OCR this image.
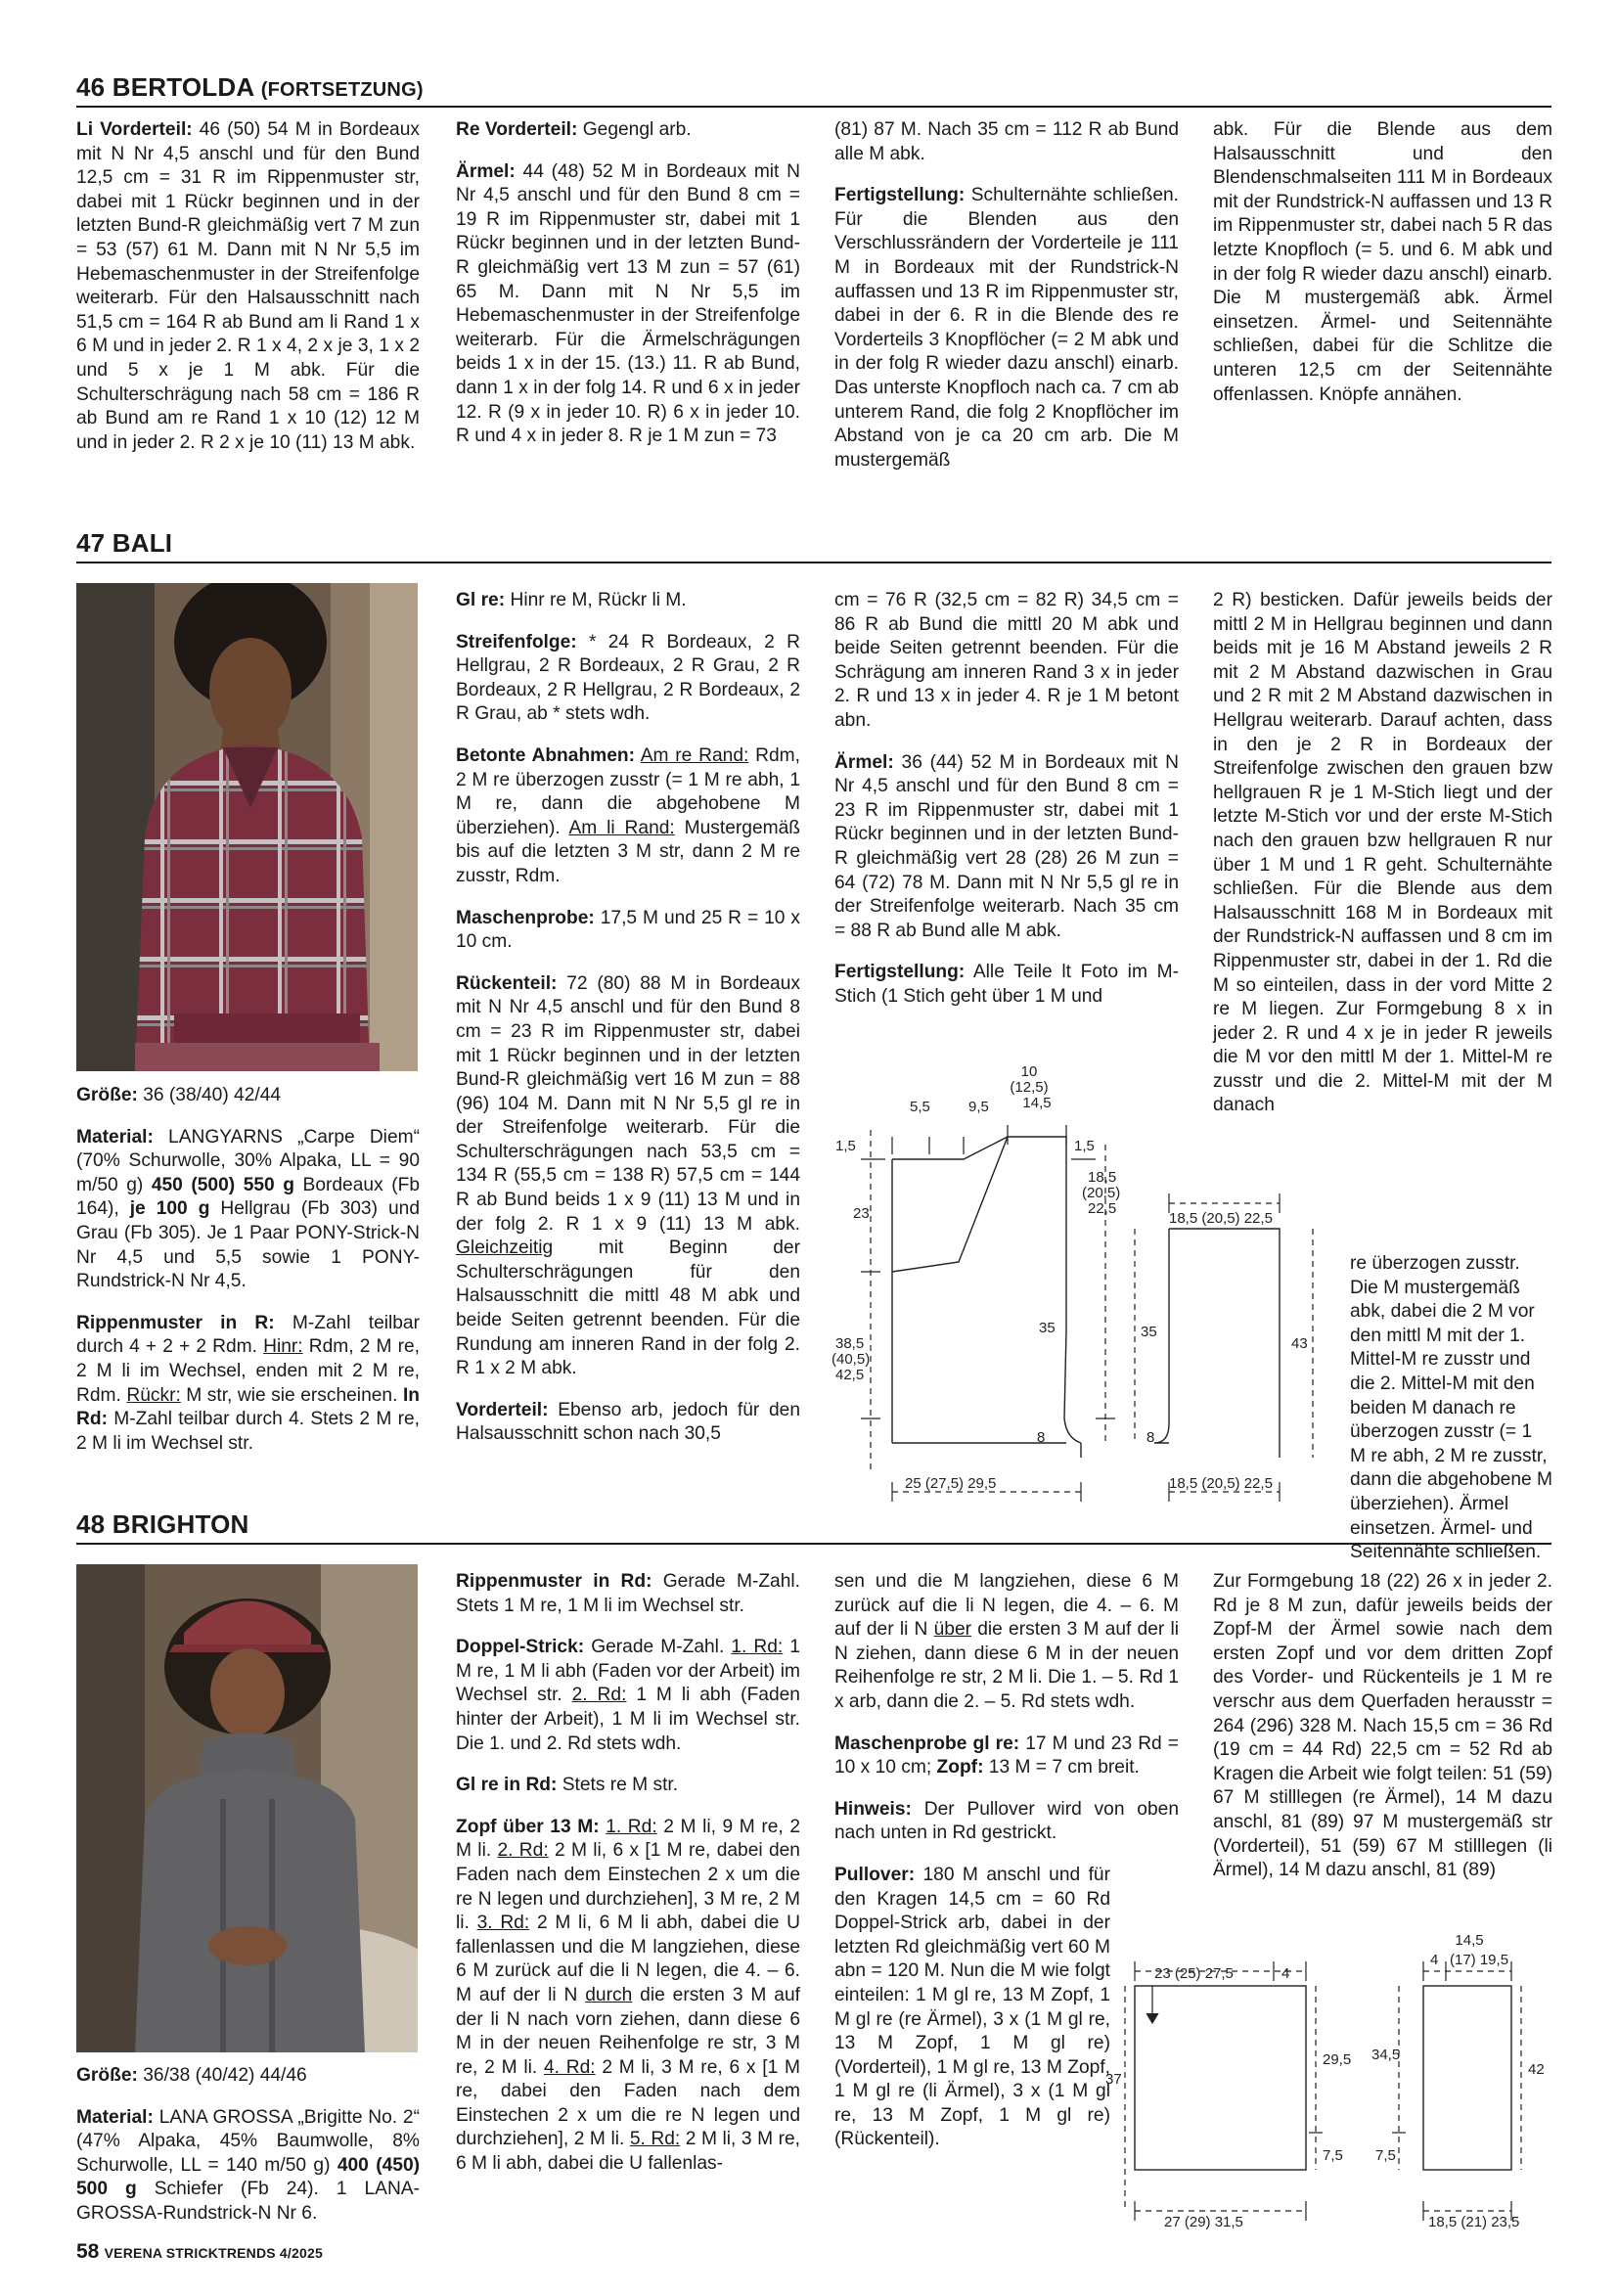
46 BERTOLDA (FORTSETZUNG)

Li Vorderteil: 46 (50) 54 M in Bordeaux mit N Nr 4,5 anschl und für den Bund 12,5 cm = 31 R im Rippenmuster str, dabei mit 1 Rückr beginnen und in der letzten Bund-R gleichmäßig vert 7 M zun = 53 (57) 61 M. Dann mit N Nr 5,5 im Hebemaschenmuster in der Streifenfolge weiterarb. Für den Halsausschnitt nach 51,5 cm = 164 R ab Bund am li Rand 1 x 6 M und in jeder 2. R 1 x 4, 2 x je 3, 1 x 2 und 5 x je 1 M abk. Für die Schulterschrägung nach 58 cm = 186 R ab Bund am re Rand 1 x 10 (12) 12 M und in jeder 2. R 2 x je 10 (11) 13 M abk.

Re Vorderteil: Gegengl arb.

Ärmel: 44 (48) 52 M in Bordeaux mit N Nr 4,5 anschl und für den Bund 8 cm = 19 R im Rippenmuster str, dabei mit 1 Rückr beginnen und in der letzten Bund-R gleichmäßig vert 13 M zun = 57 (61) 65 M. Dann mit N Nr 5,5 im Hebemaschenmuster in der Streifenfolge weiterarb. Für die Ärmelschrägungen beids 1 x in der 15. (13.) 11. R ab Bund, dann 1 x in der folg 14. R und 6 x in jeder 12. R (9 x in jeder 10. R) 6 x in jeder 10. R und 4 x in jeder 8. R je 1 M zun = 73

(81) 87 M. Nach 35 cm = 112 R ab Bund alle M abk.

Fertigstellung: Schulternähte schließen. Für die Blenden aus den Verschlussrändern der Vorderteile je 111 M in Bordeaux mit der Rundstrick-N auffassen und 13 R im Rippenmuster str, dabei in der 6. R in die Blende des re Vorderteils 3 Knopflöcher (= 2 M abk und in der folg R wieder dazu anschl) einarb. Das unterste Knopfloch nach ca. 7 cm ab unterem Rand, die folg 2 Knopflöcher im Abstand von je ca 20 cm arb. Die M mustergemäß

abk. Für die Blende aus dem Halsausschnitt und den Blendenschmalseiten 111 M in Bordeaux mit der Rundstrick-N auffassen und 13 R im Rippenmuster str, dabei nach 5 R das letzte Knopfloch (= 5. und 6. M abk und in der folg R wieder dazu anschl) einarb. Die M mustergemäß abk. Ärmel einsetzen. Ärmel- und Seitennähte schließen, dabei für die Schlitze die unteren 12,5 cm der Seitennähte offenlassen. Knöpfe annähen.

47 BALI

Größe: 36 (38/40) 42/44

Material: LANGYARNS „Carpe Diem“ (70% Schurwolle, 30% Alpaka, LL = 90 m/50 g) 450 (500) 550 g Bordeaux (Fb 164), je 100 g Hellgrau (Fb 303) und Grau (Fb 305). Je 1 Paar PONY-Strick-N Nr 4,5 und 5,5 sowie 1 PONY-Rundstrick-N Nr 4,5.

Rippenmuster in R: M-Zahl teilbar durch 4 + 2 + 2 Rdm. Hinr: Rdm, 2 M re, 2 M li im Wechsel, enden mit 2 M re, Rdm. Rückr: M str, wie sie erscheinen. In Rd: M-Zahl teilbar durch 4. Stets 2 M re, 2 M li im Wechsel str.

Gl re: Hinr re M, Rückr li M.

Streifenfolge: * 24 R Bordeaux, 2 R Hellgrau, 2 R Bordeaux, 2 R Grau, 2 R Bordeaux, 2 R Hellgrau, 2 R Bordeaux, 2 R Grau, ab * stets wdh.

Betonte Abnahmen: Am re Rand: Rdm, 2 M re überzogen zusstr (= 1 M re abh, 1 M re, dann die abgehobene M überziehen). Am li Rand: Mustergemäß bis auf die letzten 3 M str, dann 2 M re zusstr, Rdm.

Maschenprobe: 17,5 M und 25 R = 10 x 10 cm.

Rückenteil: 72 (80) 88 M in Bordeaux mit N Nr 4,5 anschl und für den Bund 8 cm = 23 R im Rippenmuster str, dabei mit 1 Rückr beginnen und in der letzten Bund-R gleichmäßig vert 16 M zun = 88 (96) 104 M. Dann mit N Nr 5,5 gl re in der Streifenfolge weiterarb. Für die Schulterschrägungen nach 53,5 cm = 134 R (55,5 cm = 138 R) 57,5 cm = 144 R ab Bund beids 1 x 9 (11) 13 M und in der folg 2. R 1 x 9 (11) 13 M abk. Gleichzeitig mit Beginn der Schulterschrägungen für den Halsausschnitt die mittl 48 M abk und beide Seiten getrennt beenden. Für die Rundung am inneren Rand in der folg 2. R 1 x 2 M abk.

Vorderteil: Ebenso arb, jedoch für den Halsausschnitt schon nach 30,5

cm = 76 R (32,5 cm = 82 R) 34,5 cm = 86 R ab Bund die mittl 20 M abk und beide Seiten getrennt beenden. Für die Schrägung am inneren Rand 3 x in jeder 2. R und 13 x in jeder 4. R je 1 M betont abn.

Ärmel: 36 (44) 52 M in Bordeaux mit N Nr 4,5 anschl und für den Bund 8 cm = 23 R im Rippenmuster str, dabei mit 1 Rückr beginnen und in der letzten Bund-R gleichmäßig vert 28 (28) 26 M zun = 64 (72) 78 M. Dann mit N Nr 5,5 gl re in der Streifenfolge weiterarb. Nach 35 cm = 88 R ab Bund alle M abk.

Fertigstellung: Alle Teile lt Foto im M-Stich (1 Stich geht über 1 M und

2 R) besticken. Dafür jeweils beids der mittl 2 M in Hellgrau beginnen und dann beids mit je 16 M Abstand jeweils 2 R mit 2 M Abstand dazwischen in Grau und 2 R mit 2 M Abstand dazwischen in Hellgrau weiterarb. Darauf achten, dass in den je 2 R in Bordeaux der Streifenfolge zwischen den grauen bzw hellgrauen R je 1 M-Stich liegt und der letzte M-Stich vor und der erste M-Stich nach den grauen bzw hellgrauen R nur über 1 M und 1 R geht. Schulternähte schließen. Für die Blende aus dem Halsausschnitt 168 M in Bordeaux mit der Rundstrick-N auffassen und 8 cm im Rippenmuster str, dabei in der 1. Rd die M so einteilen, dass in der vord Mitte 2 re M liegen. Zur Formgebung 8 x in jeder 2. R und 4 x je in jeder R jeweils die M vor den mittl M der 1. Mittel-M re zusstr und die 2. Mittel-M mit der M danach

re überzogen zusstr. Die M mustergemäß abk, dabei die 2 M vor den mittl M mit der 1. Mittel-M re zusstr und die 2. Mittel-M mit den beiden M danach re überzogen zusstr (= 1 M re abh, 2 M re zusstr, dann die abgehobene M überziehen). Ärmel einsetzen. Ärmel- und Seitennähte schließen.

10
(12,5)
14,5
5,5	9,5
1,5	1,5
23
18,5
(20,5)
22,5
35
38,5
(40,5)
42,5
8
25 (27,5) 29,5
18,5 (20,5) 22,5
35
43
8
18,5 (20,5) 22,5
48 BRIGHTON

Größe: 36/38 (40/42) 44/46

Material: LANA GROSSA „Brigitte No. 2“ (47% Alpaka, 45% Baumwolle, 8% Schurwolle, LL = 140 m/50 g) 400 (450) 500 g Schiefer (Fb 24). 1 LANA-GROSSA-Rundstrick-N Nr 6.

Rippenmuster in Rd: Gerade M-Zahl. Stets 1 M re, 1 M li im Wechsel str.

Doppel-Strick: Gerade M-Zahl. 1. Rd: 1 M re, 1 M li abh (Faden vor der Arbeit) im Wechsel str. 2. Rd: 1 M li abh (Faden hinter der Arbeit), 1 M li im Wechsel str. Die 1. und 2. Rd stets wdh.

Gl re in Rd: Stets re M str.

Zopf über 13 M: 1. Rd: 2 M li, 9 M re, 2 M li. 2. Rd: 2 M li, 6 x [1 M re, dabei den Faden nach dem Einstechen 2 x um die re N legen und durchziehen], 3 M re, 2 M li. 3. Rd: 2 M li, 6 M li abh, dabei die U fallenlassen und die M langziehen, diese 6 M zurück auf die li N legen, die 4. – 6. M auf der li N durch die ersten 3 M auf der li N nach vorn ziehen, dann diese 6 M in der neuen Reihenfolge re str, 3 M re, 2 M li. 4. Rd: 2 M li, 3 M re, 6 x [1 M re, dabei den Faden nach dem Einstechen 2 x um die re N legen und durchziehen], 2 M li. 5. Rd: 2 M li, 3 M re, 6 M li abh, dabei die U fallenlas-

sen und die M langziehen, diese 6 M zurück auf die li N legen, die 4. – 6. M auf der li N über die ersten 3 M auf der li N ziehen, dann diese 6 M in der neuen Reihenfolge re str, 2 M li. Die 1. – 5. Rd 1 x arb, dann die 2. – 5. Rd stets wdh.

Maschenprobe gl re: 17 M und 23 Rd = 10 x 10 cm; Zopf: 13 M = 7 cm breit.

Hinweis: Der Pullover wird von oben nach unten in Rd gestrickt.

Pullover: 180 M anschl und für den Kragen 14,5 cm = 60 Rd Doppel-Strick arb, dabei in der letzten Rd gleichmäßig vert 60 M abn = 120 M. Nun die M wie folgt einteilen: 1 M gl re, 13 M Zopf, 1 M gl re (re Ärmel), 3 x (1 M gl re, 13 M Zopf, 1 M gl re) (Vorderteil), 1 M gl re, 13 M Zopf, 1 M gl re (li Ärmel), 3 x (1 M gl re, 13 M Zopf, 1 M gl re) (Rückenteil).

Zur Formgebung 18 (22) 26 x in jeder 2. Rd je 8 M zun, dafür jeweils beids der Zopf-M der Ärmel sowie nach dem ersten Zopf und vor dem dritten Zopf des Vorder- und Rückenteils je 1 M re verschr aus dem Querfaden herausstr = 264 (296) 328 M. Nach 15,5 cm = 36 Rd (19 cm = 44 Rd) 22,5 cm = 52 Rd ab Kragen die Arbeit wie folgt teilen: 51 (59) 67 M stilllegen (re Ärmel), 14 M dazu anschl, 81 (89) 97 M mustergemäß str (Vorderteil), 51 (59) 67 M stilllegen (li Ärmel), 14 M dazu anschl, 81 (89)

23 (25) 27,5	4
37
29,5
7,5
27 (29) 31,5
14,5
4 (17) 19,5
34,5
42
7,5
18,5 (21) 23,5
58 VERENA STRICKTRENDS 4/2025
